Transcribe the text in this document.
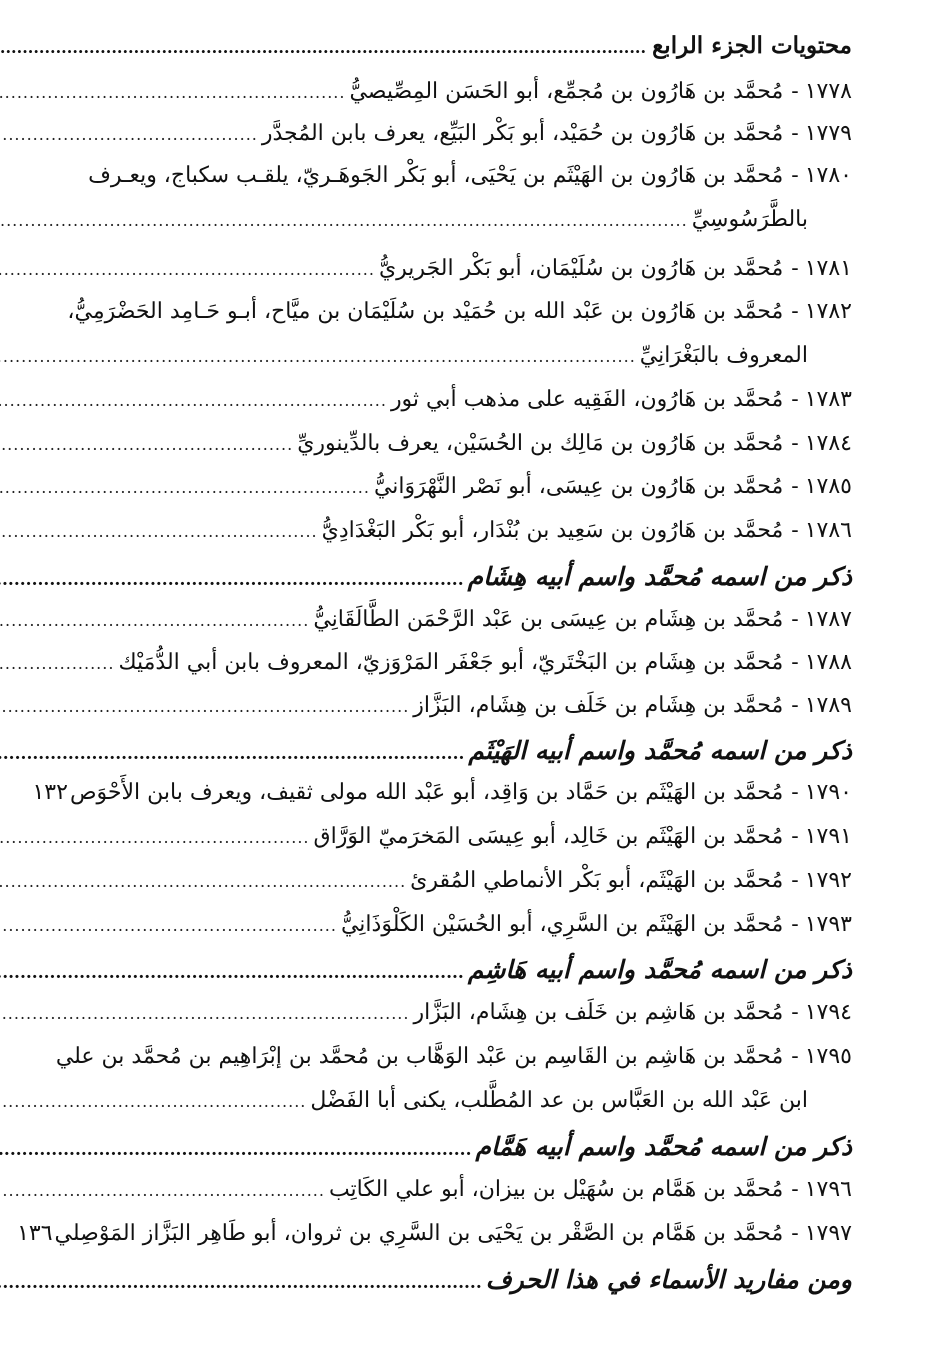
محتويات الجزء الرابع
.....
١٧٧٨
-
مُحمَّد بن هَارُون بن مُجمِّع، أبو الحَسَن المِصِّيصيُّ
.....
١٧٧٩
-
مُحمَّد بن هَارُون بن حُمَيْد، أبو بَكْر البَيِّع، يعرف بابن المُجدَّر
.....
١٧٨٠
-
مُحمَّد بن هَارُون بن الهَيْثَم بن يَحْيَى، أبو بَكْر الجَوهَـريّ، يلقـب سكباج، ويعـرف
بالطَّرَسُوسِيِّ
.....
١٧٨١
-
مُحمَّد بن هَارُون بن سُلَيْمَان، أبو بَكْر الجَريريُّ
.....
١٧٨٢
-
مُحمَّد بن هَارُون بن عَبْد الله بن حُمَيْد بن سُلَيْمَان بن ميَّاح، أبـو حَـامِد الحَضْرَمِيُّ،
المعروف بالبَغْرَانِيِّ
.....
١٧٨٣
-
مُحمَّد بن هَارُون، الفَقِيه على مذهب أبي ثور
.....
١٧٨٤
-
مُحمَّد بن هَارُون بن مَالِك بن الحُسَيْن، يعرف بالدِّينوريِّ
.....
١٧٨٥
-
مُحمَّد بن هَارُون بن عِيسَى، أبو نَصْر النَّهْرَوَانيُّ
.....
١٧٨٦
-
مُحمَّد بن هَارُون بن سَعِيد بن بُنْدَار، أبو بَكْر البَغْدَادِيُّ
.....
ذكر من اسمه مُحمَّد واسم أبيه هِشَام
.....
١٧٨٧
-
مُحمَّد بن هِشَام بن عِيسَى بن عَبْد الرَّحْمَن الطَّالَقَانِيُّ
.....
١٧٨٨
-
مُحمَّد بن هِشَام بن البَخْتَريّ، أبو جَعْفَر المَرْوَزيّ، المعروف بابن أبي الدُّمَيْك
.....
١٧٨٩
-
مُحمَّد بن هِشَام بن خَلَف بن هِشَام، البَزَّاز
.....
ذكر من اسمه مُحمَّد واسم أبيه الهَيْثَم
.....
١٧٩٠
-
مُحمَّد بن الهَيْثَم بن حَمَّاد بن وَاقِد، أبو عَبْد الله مولى ثقيف، ويعرف بابن الأَحْوَص
١٣٢
١٧٩١
-
مُحمَّد بن الهَيْثَم بن خَالِد، أبو عِيسَى المَخرَميّ الوَرَّاق
.....
١٧٩٢
-
مُحمَّد بن الهَيْثَم، أبو بَكْر الأنماطي المُقرئ
.....
١٧٩٣
-
مُحمَّد بن الهَيْثَم بن السَّرِي، أبو الحُسَيْن الكَلْوَذَانِيُّ
.....
ذكر من اسمه مُحمَّد واسم أبيه هَاشِم
.....
١٧٩٤
-
مُحمَّد بن هَاشِم بن خَلَف بن هِشَام، البَزَّار
.....
١٧٩٥
-
مُحمَّد بن هَاشِم بن القَاسِم بن عَبْد الوَهَّاب بن مُحمَّد بن إبْرَاهِيم بن مُحمَّد بن علي
ابن عَبْد الله بن العَبَّاس بن عد المُطَّلب، يكنى أبا الفَضْل
.....
ذكر من اسمه مُحمَّد واسم أبيه هَمَّام
.....
١٧٩٦
-
مُحمَّد بن هَمَّام بن سُهَيْل بن بيزان، أبو علي الكَاتِب
.....
١٧٩٧
-
مُحمَّد بن هَمَّام بن الصَّقْر بن يَحْيَى بن السَّرِي بن ثروان، أبو طَاهِر البَزَّاز المَوْصِلي
١٣٦
ومن مفاريد الأسماء في هذا الحرف
.....
